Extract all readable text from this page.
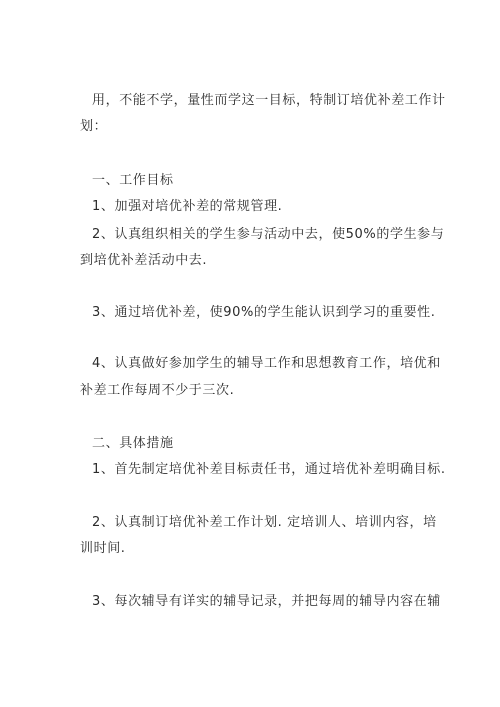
用，不能不学，量性而学这一目标，特制订培优补差工作计

划：

一、工作目标

1、加强对培优补差的常规管理.

2、认真组织相关的学生参与活动中去，使50%的学生参与

到培优补差活动中去.

3、通过培优补差，使90%的学生能认识到学习的重要性.

4、认真做好参加学生的辅导工作和思想教育工作，培优和

补差工作每周不少于三次.

二、具体措施

1、首先制定培优补差目标责任书，通过培优补差明确目标.

2、认真制订培优补差工作计划. 定培训人、培训内容，培

训时间.

3、每次辅导有详实的辅导记录，并把每周的辅导内容在辅
